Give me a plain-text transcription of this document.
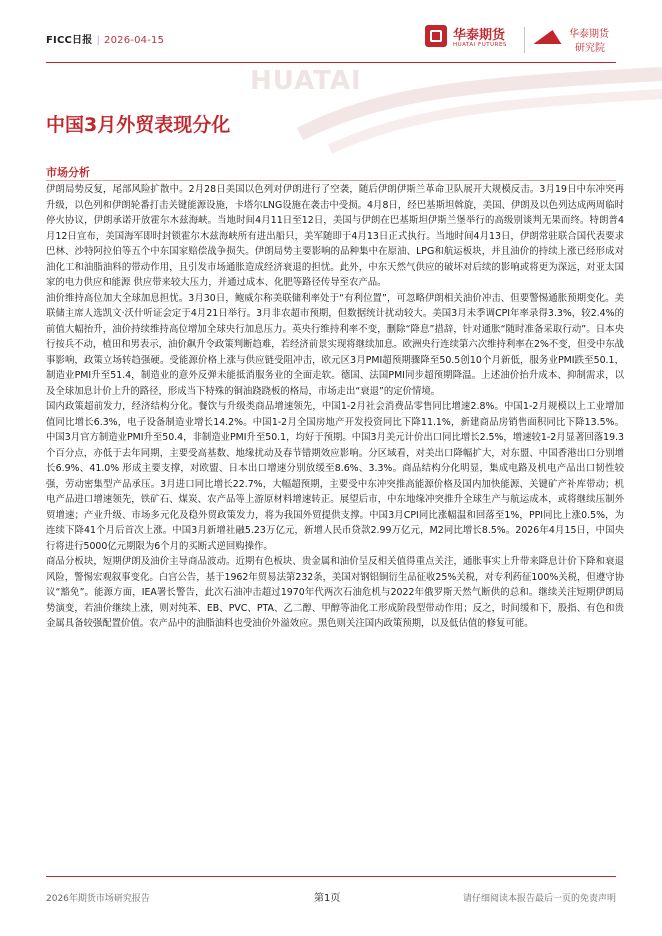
FICC日报 | 2026-04-15	华泰期货
HUATAI FUTURES
华泰期货
研究院
HUATAI
中国3月外贸表现分化
市场分析

伊朗局势反复，尾部风险扩散中。2月28日美国以色列对伊朗进行了空袭，随后伊朗伊斯兰革命卫队展开大规模反击。3月19日中东冲突再升级，以色列和伊朗轮番打击关键能源设施，卡塔尔LNG设施在袭击中受损。4月8日，经巴基斯坦斡旋，美国、伊朗及以色列达成两周临时停火协议，伊朗承诺开放霍尔木兹海峡。当地时间4月11日至12日，美国与伊朗在巴基斯坦伊斯兰堡举行的高级别谈判无果而终。特朗普4月12日宣布，美国海军即时封锁霍尔木兹海峡所有进出船只，美军随即于4月13日正式执行。当地时间4月13日，伊朗常驻联合国代表要求巴林、沙特阿拉伯等五个中东国家赔偿战争损失。伊朗局势主要影响的品种集中在原油、LPG和航运板块，并且油价的持续上涨已经形成对油化工和油脂油料的带动作用，且引发市场通胀造成经济衰退的担忧。此外，中东天然气供应的破坏对后续的影响或将更为深远，对亚太国家的电力供应和能源 供应带来较大压力，并通过成本、化肥等路径传导至农产品。

油价维持高位加大全球加息担忧。3月30日，鲍威尔称美联储利率处于“有利位置”，可忽略伊朗相关油价冲击、但要警惕通胀预期变化。美联储主席人选凯文·沃什听证会定于4月21日举行。3月非农超市预期，但数据统计扰动较大。美国3月未季调CPI年率录得3.3%，较2.4%的前值大幅抬升，油价持续维持高位增加全球央行加息压力。英央行维持利率不变，删除“降息”措辞，针对通胀“随时准备采取行动”。日本央行按兵不动，植田和男表示，油价飙升令政策判断趋难，若经济前景实现将继续加息。欧洲央行连续第六次维持利率在2%不变，但受中东战事影响，政策立场转趋强硬。受能源价格上涨与供应链受阻冲击，欧元区3月PMI超预期骤降至50.5创10个月新低，服务业PMI跌至50.1，制造业PMI升至51.4，制造业的意外反弹未能抵消服务业的全面走软。德国、法国PMI同步超预期降温。上述油价抬升成本、抑制需求，以及全球加息计价上升的路径，形成当下特殊的铜油跷跷板的格局，市场走出“衰退”的定价情境。

国内政策超前发力，经济结构分化。餐饮与升级类商品增速领先，中国1-2月社会消费品零售同比增速2.8%。中国1-2月规模以上工业增加值同比增长6.3%，电子设备制造业增长14.2%。中国1-2月全国房地产开发投资同比下降11.1%，新建商品房销售面积同比下降13.5%。中国3月官方制造业PMI升至50.4，非制造业PMI升至50.1，均好于预期。中国3月美元计价出口同比增长2.5%，增速较1-2月显著回落19.3个百分点，亦低于去年同期，主要受高基数、地缘扰动及春节错期效应影响。分区域看，对美出口降幅扩大，对东盟、中国香港出口分别增长6.9%、41.0% 形成主要支撑，对欧盟、日本出口增速分别放缓至8.6%、3.3%。商品结构分化明显，集成电路及机电产品出口韧性较强，劳动密集型产品承压。3月进口同比增长22.7%，大幅超预期，主要受中东冲突推高能源价格及国内加快能源、关键矿产补库带动；机电产品进口增速领先，铁矿石、煤炭、农产品等上游原材料增速转正。展望后市，中东地缘冲突推升全球生产与航运成本，或将继续压制外贸增速；产业升级、市场多元化及稳外贸政策发力，将为我国外贸提供支撑。中国3月CPI同比涨幅温和回落至1%，PPI同比上涨0.5%，为连续下降41个月后首次上涨。中国3月新增社融5.23万亿元，新增人民币贷款2.99万亿元，M2同比增长8.5%。2026年4月15日，中国央行将进行5000亿元期限为6个月的买断式逆回购操作。

商品分板块，短期伊朗及油价主导商品波动。近期有色板块、贵金属和油价呈反相关值得重点关注，通胀事实上升带来降息计价下降和衰退风险，警惕宏观叙事变化。白宫公告，基于1962年贸易法第232条，美国对钢铝铜衍生品征收25%关税，对专利药征100%关税，但遵守协议“豁免”。能源方面，IEA署长警告，此次石油冲击超过1970年代两次石油危机与2022年俄罗斯天然气断供的总和。继续关注短期伊朗局势演变，若油价继续上涨，则对纯苯、EB、PVC、PTA、乙二醇、甲醇等油化工形成阶段型带动作用；反之，时间缓和下，股指、有色和贵金属具备较强配置价值。农产品中的油脂油料也受油价外溢效应。黑色则关注国内政策预期，以及低估值的修复可能。

2026年期货市场研究报告	第1页	请仔细阅读本报告最后一页的免责声明
